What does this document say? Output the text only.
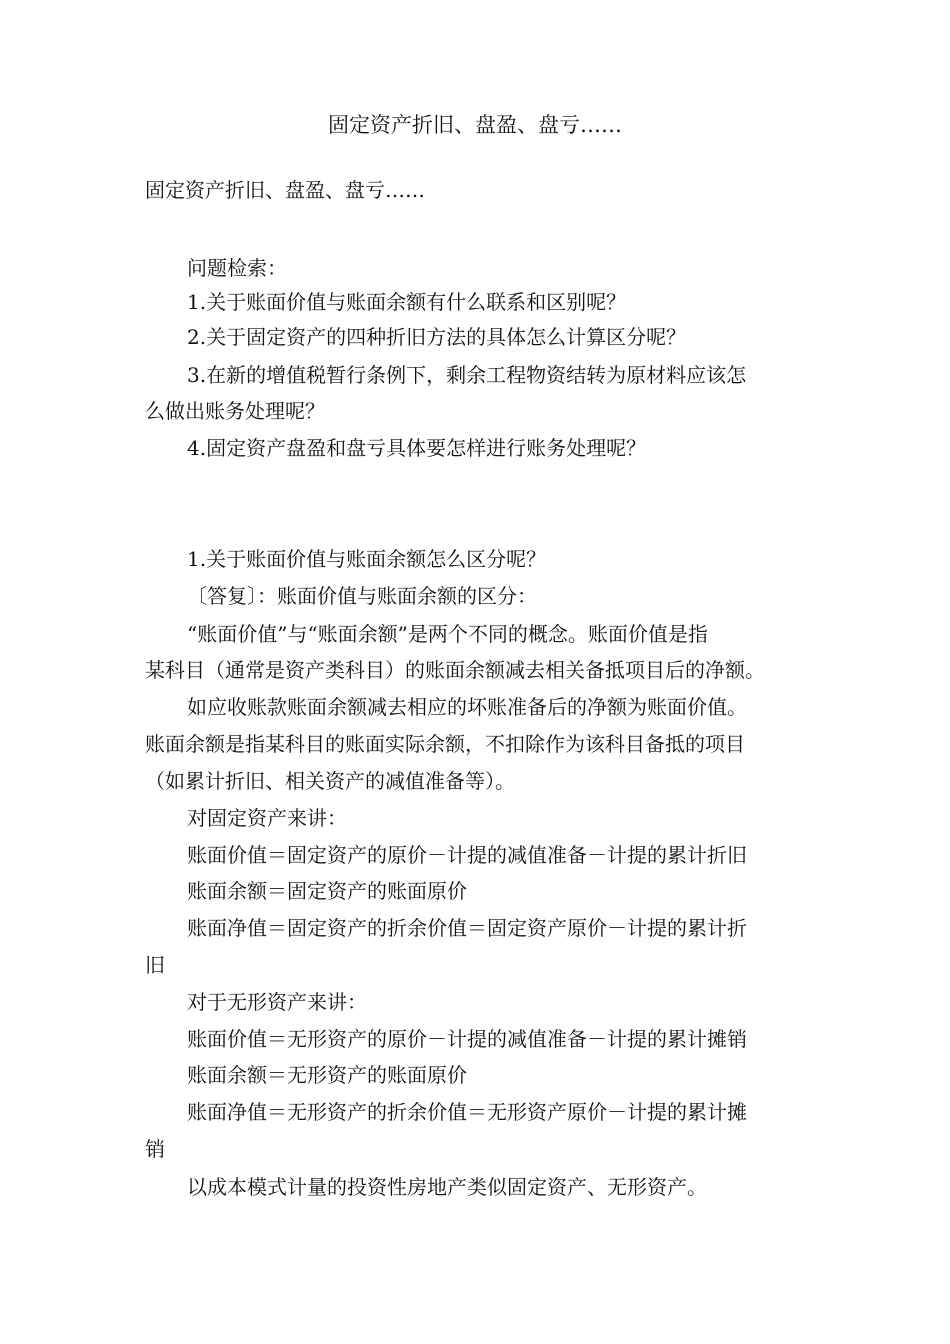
固定资产折旧、盘盈、盘亏……
固定资产折旧、盘盈、盘亏……
问题检索：
1.关于账面价值与账面余额有什么联系和区别呢？
2.关于固定资产的四种折旧方法的具体怎么计算区分呢？
3.在新的增值税暂行条例下，剩余工程物资结转为原材料应该怎
么做出账务处理呢？
4.固定资产盘盈和盘亏具体要怎样进行账务处理呢？
1.关于账面价值与账面余额怎么区分呢？
〔答复〕：账面价值与账面余额的区分：
“账面价值”与“账面余额”是两个不同的概念。账面价值是指
某科目（通常是资产类科目）的账面余额减去相关备抵项目后的净额。
如应收账款账面余额减去相应的坏账准备后的净额为账面价值。
账面余额是指某科目的账面实际余额，不扣除作为该科目备抵的项目
（如累计折旧、相关资产的减值准备等）。
对固定资产来讲：
账面价值＝固定资产的原价－计提的减值准备－计提的累计折旧
账面余额＝固定资产的账面原价
账面净值＝固定资产的折余价值＝固定资产原价－计提的累计折
旧
对于无形资产来讲：
账面价值＝无形资产的原价－计提的减值准备－计提的累计摊销
账面余额＝无形资产的账面原价
账面净值＝无形资产的折余价值＝无形资产原价－计提的累计摊
销
以成本模式计量的投资性房地产类似固定资产、无形资产。
